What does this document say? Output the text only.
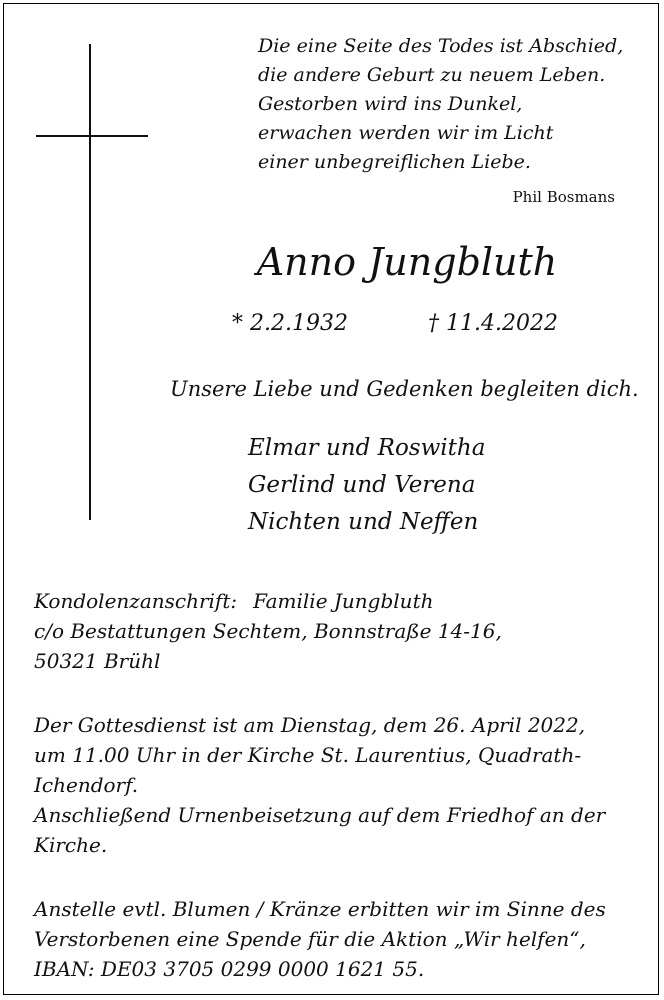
Die eine Seite des Todes ist Abschied,
die andere Geburt zu neuem Leben.
Gestorben wird ins Dunkel,
erwachen werden wir im Licht
einer unbegreiflichen Liebe.
Phil Bosmans
Anno Jungbluth
* 2.2.1932	† 11.4.2022
Unsere Liebe und Gedenken begleiten dich.
Elmar und Roswitha
Gerlind und Verena
Nichten und Neffen
Kondolenzanschrift: Familie Jungbluth
c/o Bestattungen Sechtem, Bonnstraße 14-16,
50321 Brühl
Der Gottesdienst ist am Dienstag, dem 26. April 2022,
um 11.00 Uhr in der Kirche St. Laurentius, Quadrath-
Ichendorf.
Anschließend Urnenbeisetzung auf dem Friedhof an der
Kirche.
Anstelle evtl. Blumen / Kränze erbitten wir im Sinne des
Verstorbenen eine Spende für die Aktion „Wir helfen“,
IBAN: DE03 3705 0299 0000 1621 55.
